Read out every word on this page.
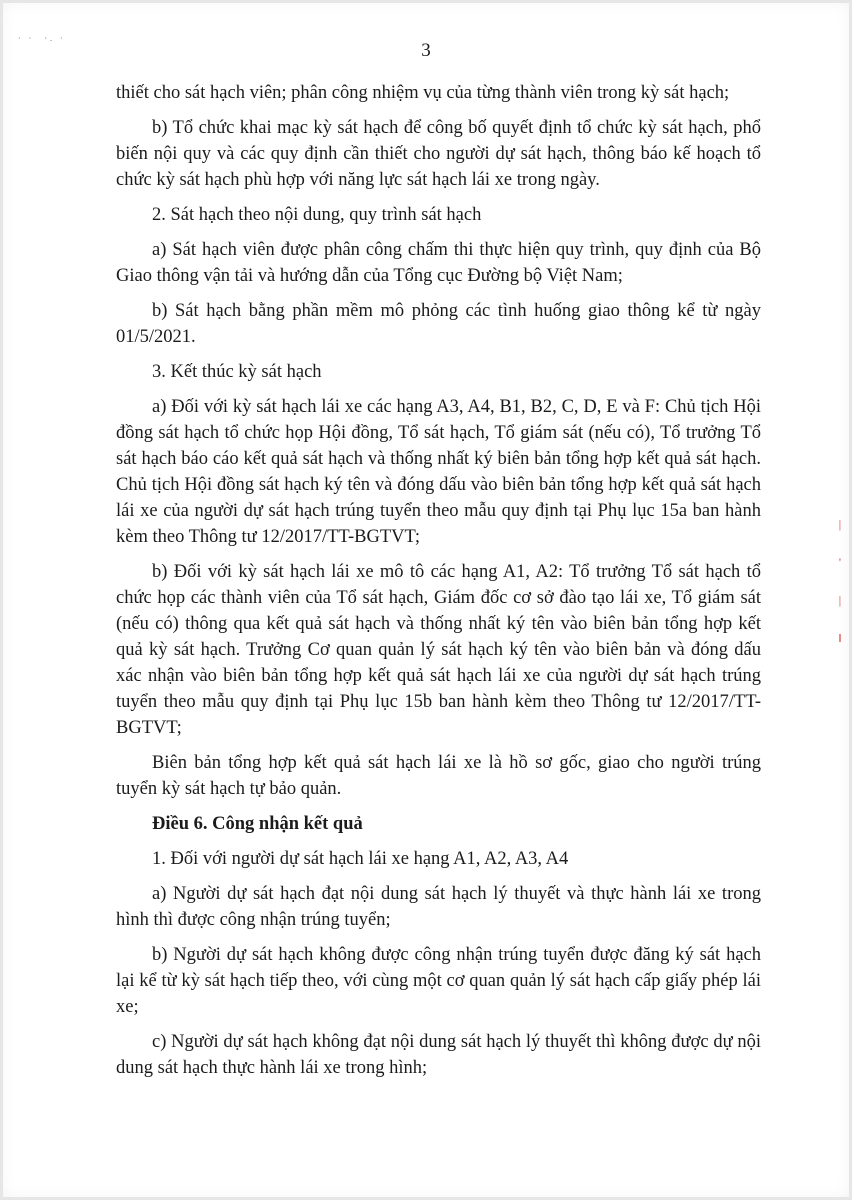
· ·  ·. ·
3

thiết cho sát hạch viên; phân công nhiệm vụ của từng thành viên trong kỳ sát hạch;

b) Tổ chức khai mạc kỳ sát hạch để công bố quyết định tổ chức kỳ sát hạch, phổ biến nội quy và các quy định cần thiết cho người dự sát hạch, thông báo kế hoạch tổ chức kỳ sát hạch phù hợp với năng lực sát hạch lái xe trong ngày.

2. Sát hạch theo nội dung, quy trình sát hạch

a) Sát hạch viên được phân công chấm thi thực hiện quy trình, quy định của Bộ Giao thông vận tải và hướng dẫn của Tổng cục Đường bộ Việt Nam;

b) Sát hạch bằng phần mềm mô phỏng các tình huống giao thông kể từ ngày 01/5/2021.

3. Kết thúc kỳ sát hạch

a) Đối với kỳ sát hạch lái xe các hạng A3, A4, B1, B2, C, D, E và F: Chủ tịch Hội đồng sát hạch tổ chức họp Hội đồng, Tổ sát hạch, Tổ giám sát (nếu có), Tổ trưởng Tổ sát hạch báo cáo kết quả sát hạch và thống nhất ký biên bản tổng hợp kết quả sát hạch. Chủ tịch Hội đồng sát hạch ký tên và đóng dấu vào biên bản tổng hợp kết quả sát hạch lái xe của người dự sát hạch trúng tuyển theo mẫu quy định tại Phụ lục 15a ban hành kèm theo Thông tư 12/2017/TT-BGTVT;

b) Đối với kỳ sát hạch lái xe mô tô các hạng A1, A2: Tổ trưởng Tổ sát hạch tổ chức họp các thành viên của Tổ sát hạch, Giám đốc cơ sở đào tạo lái xe, Tổ giám sát (nếu có) thông qua kết quả sát hạch và thống nhất ký tên vào biên bản tổng hợp kết quả kỳ sát hạch. Trưởng Cơ quan quản lý sát hạch ký tên vào biên bản và đóng dấu xác nhận vào biên bản tổng hợp kết quả sát hạch lái xe của người dự sát hạch trúng tuyển theo mẫu quy định tại Phụ lục 15b ban hành kèm theo Thông tư 12/2017/TT-BGTVT;

Biên bản tổng hợp kết quả sát hạch lái xe là hồ sơ gốc, giao cho người trúng tuyển kỳ sát hạch tự bảo quản.

Điều 6. Công nhận kết quả

1. Đối với người dự sát hạch lái xe hạng A1, A2, A3, A4

a) Người dự sát hạch đạt nội dung sát hạch lý thuyết và thực hành lái xe trong hình thì được công nhận trúng tuyển;

b) Người dự sát hạch không được công nhận trúng tuyển được đăng ký sát hạch lại kể từ kỳ sát hạch tiếp theo, với cùng một cơ quan quản lý sát hạch cấp giấy phép lái xe;

c) Người dự sát hạch không đạt nội dung sát hạch lý thuyết thì không được dự nội dung sát hạch thực hành lái xe trong hình;

|
'
|
‖
